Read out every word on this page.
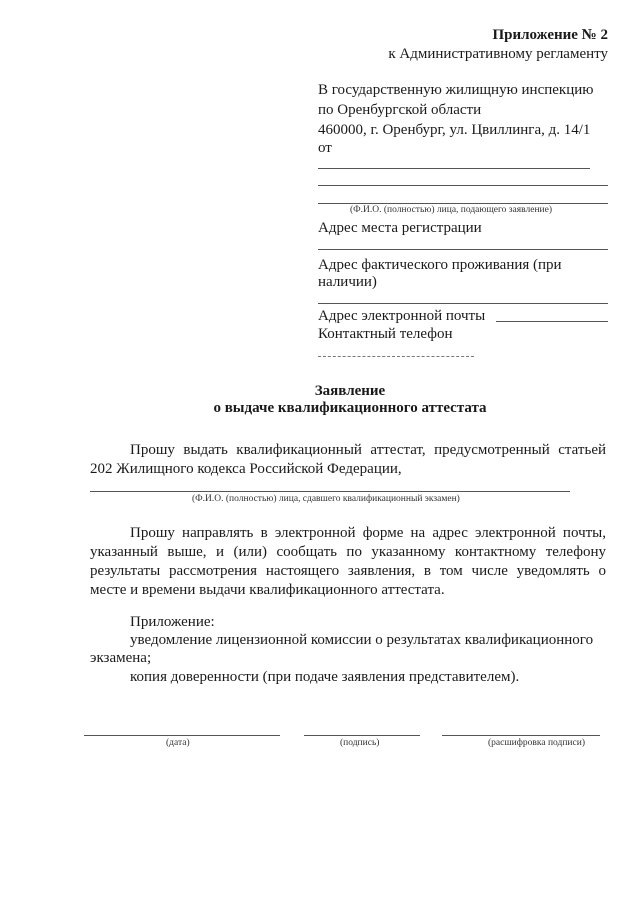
Приложение № 2
к Административному регламенту
В государственную жилищную инспекцию
по Оренбургской области
460000, г. Оренбург, ул. Цвиллинга, д. 14/1
от
(Ф.И.О. (полностью) лица, подающего заявление)
Адрес места регистрации
Адрес фактического проживания (при
наличии)
Адрес электронной почты
Контактный телефон
Заявление
о выдаче квалификационного аттестата
Прошу выдать квалификационный аттестат, предусмотренный статьей
202 Жилищного кодекса Российской Федерации,
(Ф.И.О. (полностью) лица, сдавшего квалификационный экзамен)
Прошу направлять в электронной форме на адрес электронной почты,
указанный выше, и (или) сообщать по указанному контактному телефону
результаты рассмотрения настоящего заявления, в том числе уведомлять о
месте и времени выдачи квалификационного аттестата.
Приложение:
уведомление лицензионной комиссии о результатах квалификационного
экзамена;
копия доверенности (при подаче заявления представителем).
(дата)	(подпись)	(расшифровка подписи)
